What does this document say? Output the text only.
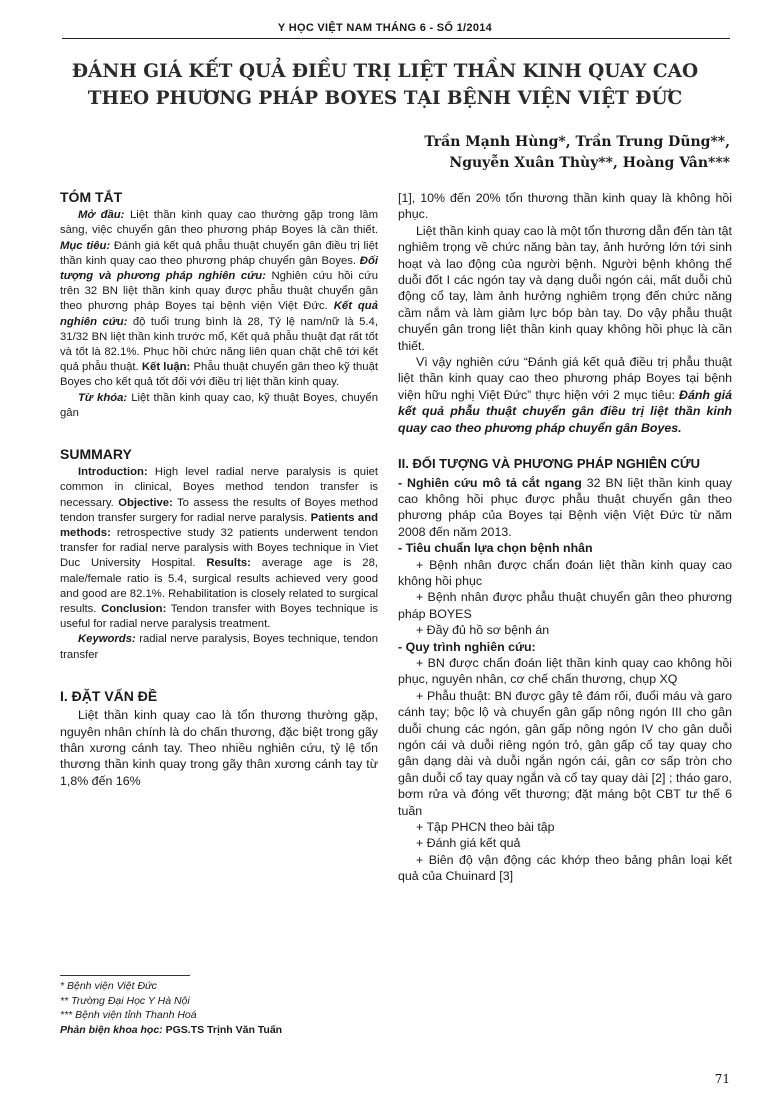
Y HỌC VIỆT NAM THÁNG 6 - SỐ 1/2014
ĐÁNH GIÁ KẾT QUẢ ĐIỀU TRỊ LIỆT THẦN KINH QUAY CAO
THEO PHƯƠNG PHÁP BOYES TẠI BỆNH VIỆN VIỆT ĐỨC
Trần Mạnh Hùng*, Trần Trung Dũng**,
Nguyễn Xuân Thùy**, Hoàng Vân***
TÓM TẮT

Mở đầu: Liệt thần kinh quay cao thường gặp trong lâm sàng, việc chuyển gân theo phương pháp Boyes là cần thiết. Mục tiêu: Đánh giá kết quả phẫu thuật chuyển gân điều trị liệt thần kinh quay cao theo phương pháp chuyển gân Boyes. Đối tượng và phương pháp nghiên cứu: Nghiên cứu hồi cứu trên 32 BN liệt thần kinh quay được phẫu thuật chuyển gân theo phương pháp Boyes tại bệnh viện Việt Đức. Kết quả nghiên cứu: độ tuổi trung bình là 28, Tỷ lệ nam/nữ là 5.4, 31/32 BN liệt thần kinh trước mổ, Kết quả phẫu thuật đạt rất tốt và tốt là 82.1%. Phục hồi chức năng liên quan chặt chẽ tới kết quả phẫu thuật. Kết luận: Phẫu thuật chuyển gân theo kỹ thuật Boyes cho kết quả tốt đối với điều trị liệt thần kinh quay.

Từ khóa: Liệt thần kinh quay cao, kỹ thuật Boyes, chuyển gân

SUMMARY

Introduction: High level radial nerve paralysis is quiet common in clinical, Boyes method tendon transfer is necessary. Objective: To assess the results of Boyes method tendon transfer surgery for radial nerve paralysis. Patients and methods: retrospective study 32 patients underwent tendon transfer for radial nerve paralysis with Boyes technique in Viet Duc University Hospital. Results: average age is 28, male/female ratio is 5.4, surgical results achieved very good and good are 82.1%. Rehabilitation is closely related to surgical results. Conclusion: Tendon transfer with Boyes technique is useful for radial nerve paralysis treatment.

Keywords: radial nerve paralysis, Boyes technique, tendon transfer

I. ĐẶT VẤN ĐỀ

Liệt thần kinh quay cao là tổn thương thường gặp, nguyên nhân chính là do chấn thương, đặc biệt trong gãy thân xương cánh tay. Theo nhiều nghiên cứu, tỷ lệ tổn thương thần kinh quay trong gãy thân xương cánh tay từ 1,8% đến 16%

[1], 10% đến 20% tổn thương thần kinh quay là không hồi phục.

Liệt thần kinh quay cao là một tổn thương dẫn đến tàn tật nghiêm trọng về chức năng bàn tay, ảnh hưởng lớn tới sinh hoạt và lao động của người bệnh. Người bệnh không thể duỗi đốt I các ngón tay và dạng duỗi ngón cái, mất duỗi chủ động cổ tay, làm ảnh hưởng nghiêm trọng đến chức năng cầm nắm và làm giảm lực bóp bàn tay. Do vậy phẫu thuật chuyển gân trong liệt thần kinh quay không hồi phục là cần thiết.

Vì vậy nghiên cứu “Đánh giá kết quả điều trị phẫu thuật liệt thần kinh quay cao theo phương pháp Boyes tại bệnh viện hữu nghị Việt Đức” thực hiện với 2 mục tiêu: Đánh giá kết quả phẫu thuật chuyển gân điều trị liệt thần kinh quay cao theo phương pháp chuyển gân Boyes.

II. ĐỐI TƯỢNG VÀ PHƯƠNG PHÁP NGHIÊN CỨU

- Nghiên cứu mô tả cắt ngang 32 BN liệt thần kinh quay cao không hồi phục được phẫu thuật chuyển gân theo phương pháp của Boyes tại Bệnh viện Việt Đức từ năm 2008 đến năm 2013.

- Tiêu chuẩn lựa chọn bệnh nhân

+ Bệnh nhân được chẩn đoán liệt thần kinh quay cao không hồi phục

+ Bệnh nhân được phẫu thuật chuyển gân theo phương pháp BOYES

+ Đầy đủ hồ sơ bệnh án

- Quy trình nghiên cứu:

+ BN được chẩn đoán liệt thần kinh quay cao không hồi phục, nguyên nhân, cơ chế chấn thương, chụp XQ

+ Phẫu thuật: BN được gây tê đám rối, đuổi máu và garo cánh tay; bộc lộ và chuyển gân gấp nông ngón III cho gân duỗi chung các ngón, gân gấp nông ngón IV cho gân duỗi ngón cái và duỗi riêng ngón trỏ, gân gấp cổ tay quay cho gân dạng dài và duỗi ngắn ngón cái, gân cơ sấp tròn cho gân duỗi cổ tay quay ngắn và cổ tay quay dài [2] ; tháo garo, bơm rửa và đóng vết thương; đặt máng bột CBT tư thế 6 tuần

+ Tập PHCN theo bài tập

+ Đánh giá kết quả

+ Biên độ vận động các khớp theo bảng phân loại kết quả của Chuinard [3]

* Bệnh viện Việt Đức
** Trường Đại Học Y Hà Nội
*** Bệnh viện tỉnh Thanh Hoá
Phản biện khoa học: PGS.TS Trịnh Văn Tuấn
71
